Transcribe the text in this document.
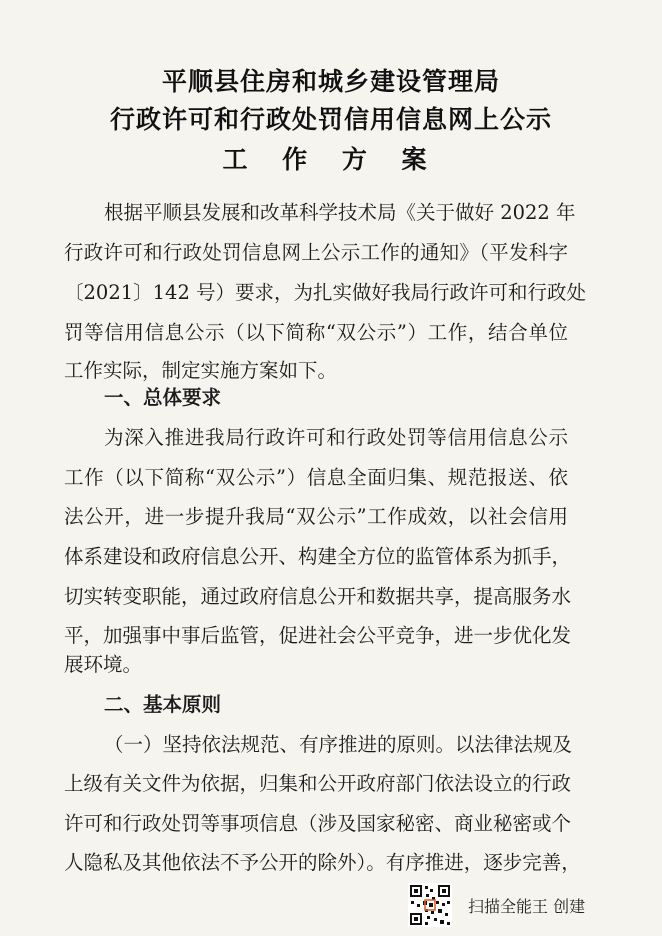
平顺县住房和城乡建设管理局
行政许可和行政处罚信用信息网上公示
工 作 方 案
根据平顺县发展和改革科学技术局《关于做好 2022 年
行政许可和行政处罚信息网上公示工作的通知》（平发科字
〔2021〕142 号）要求，为扎实做好我局行政许可和行政处
罚等信用信息公示（以下简称“双公示”）工作，结合单位
工作实际，制定实施方案如下。
一、总体要求
为深入推进我局行政许可和行政处罚等信用信息公示
工作（以下简称“双公示”）信息全面归集、规范报送、依
法公开，进一步提升我局“双公示”工作成效，以社会信用
体系建设和政府信息公开、构建全方位的监管体系为抓手，
切实转变职能，通过政府信息公开和数据共享，提高服务水
平，加强事中事后监管，促进社会公平竞争，进一步优化发
展环境。
二、基本原则
（一）坚持依法规范、有序推进的原则。以法律法规及
上级有关文件为依据，归集和公开政府部门依法设立的行政
许可和行政处罚等事项信息（涉及国家秘密、商业秘密或个
人隐私及其他依法不予公开的除外）。有序推进，逐步完善，
扫描全能王 创建
